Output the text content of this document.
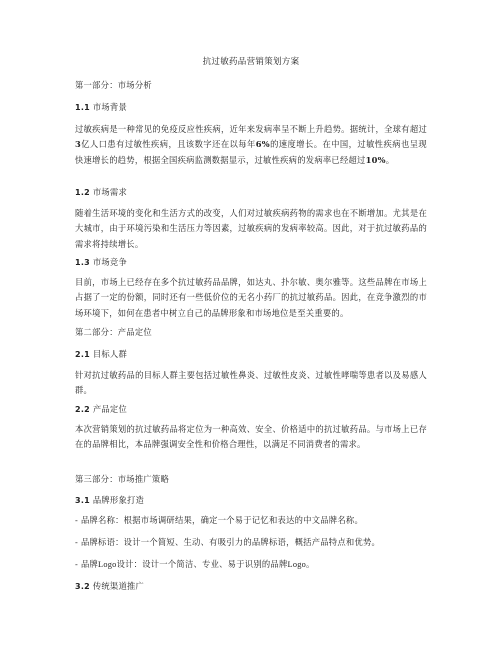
抗过敏药品营销策划方案
第一部分：市场分析
1.1 市场背景
过敏疾病是一种常见的免疫反应性疾病，近年来发病率呈不断上升趋势。据统计，全球有超过3亿人口患有过敏性疾病，且该数字还在以每年6%的速度增长。在中国，过敏性疾病也呈现快速增长的趋势，根据全国疾病监测数据显示，过敏性疾病的发病率已经超过10%。
1.2 市场需求
随着生活环境的变化和生活方式的改变，人们对过敏疾病药物的需求也在不断增加。尤其是在大城市，由于环境污染和生活压力等因素，过敏疾病的发病率较高。因此，对于抗过敏药品的需求将持续增长。
1.3 市场竞争
目前，市场上已经存在多个抗过敏药品品牌，如达丸、扑尔敏、奥尔雅等。这些品牌在市场上占据了一定的份额，同时还有一些低价位的无名小药厂的抗过敏药品。因此，在竞争激烈的市场环境下，如何在患者中树立自己的品牌形象和市场地位是至关重要的。
第二部分：产品定位
2.1 目标人群
针对抗过敏药品的目标人群主要包括过敏性鼻炎、过敏性皮炎、过敏性哮喘等患者以及易感人群。
2.2 产品定位
本次营销策划的抗过敏药品将定位为一种高效、安全、价格适中的抗过敏药品。与市场上已存在的品牌相比，本品牌强调安全性和价格合理性，以满足不同消费者的需求。
第三部分：市场推广策略
3.1 品牌形象打造
- 品牌名称：根据市场调研结果，确定一个易于记忆和表达的中文品牌名称。
- 品牌标语：设计一个简短、生动、有吸引力的品牌标语，概括产品特点和优势。
- 品牌Logo设计：设计一个简洁、专业、易于识别的品牌Logo。
3.2 传统渠道推广
